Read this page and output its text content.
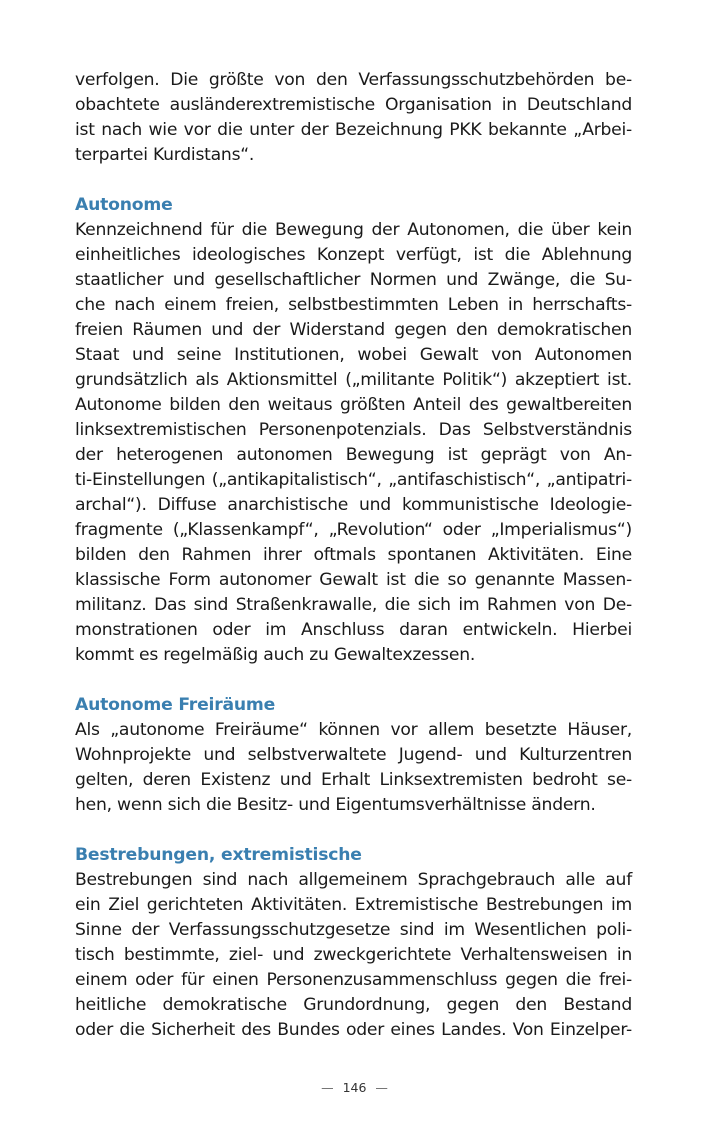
verfolgen. Die größte von den Verfassungsschutzbehörden be-
obachtete ausländerextremistische Organisation in Deutschland
ist nach wie vor die unter der Bezeichnung PKK bekannte „Arbei-
terpartei Kurdistans“.
Autonome
Kennzeichnend für die Bewegung der Autonomen, die über kein
einheitliches ideologisches Konzept verfügt, ist die Ablehnung
staatlicher und gesellschaftlicher Normen und Zwänge, die Su-
che nach einem freien, selbstbestimmten Leben in herrschafts-
freien Räumen und der Widerstand gegen den demokratischen
Staat und seine Institutionen, wobei Gewalt von Autonomen
grundsätzlich als Aktionsmittel („militante Politik“) akzeptiert ist.
Autonome bilden den weitaus größten Anteil des gewaltbereiten
linksextremistischen Personenpotenzials. Das Selbstverständnis
der heterogenen autonomen Bewegung ist geprägt von An-
ti-Einstellungen („antikapitalistisch“, „antifaschistisch“, „antipatri-
archal“). Diffuse anarchistische und kommunistische Ideologie-
fragmente („Klassenkampf“, „Revolution“ oder „Imperialismus“)
bilden den Rahmen ihrer oftmals spontanen Aktivitäten. Eine
klassische Form autonomer Gewalt ist die so genannte Massen-
militanz. Das sind Straßenkrawalle, die sich im Rahmen von De-
monstrationen oder im Anschluss daran entwickeln. Hierbei
kommt es regelmäßig auch zu Gewaltexzessen.
Autonome Freiräume
Als „autonome Freiräume“ können vor allem besetzte Häuser,
Wohnprojekte und selbstverwaltete Jugend- und Kulturzentren
gelten, deren Existenz und Erhalt Linksextremisten bedroht se-
hen, wenn sich die Besitz- und Eigentumsverhältnisse ändern.
Bestrebungen, extremistische
Bestrebungen sind nach allgemeinem Sprachgebrauch alle auf
ein Ziel gerichteten Aktivitäten. Extremistische Bestrebungen im
Sinne der Verfassungsschutzgesetze sind im Wesentlichen poli-
tisch bestimmte, ziel- und zweckgerichtete Verhaltensweisen in
einem oder für einen Personenzusammenschluss gegen die frei-
heitliche demokratische Grundordnung, gegen den Bestand
oder die Sicherheit des Bundes oder eines Landes. Von Einzelper-
— 146 —
